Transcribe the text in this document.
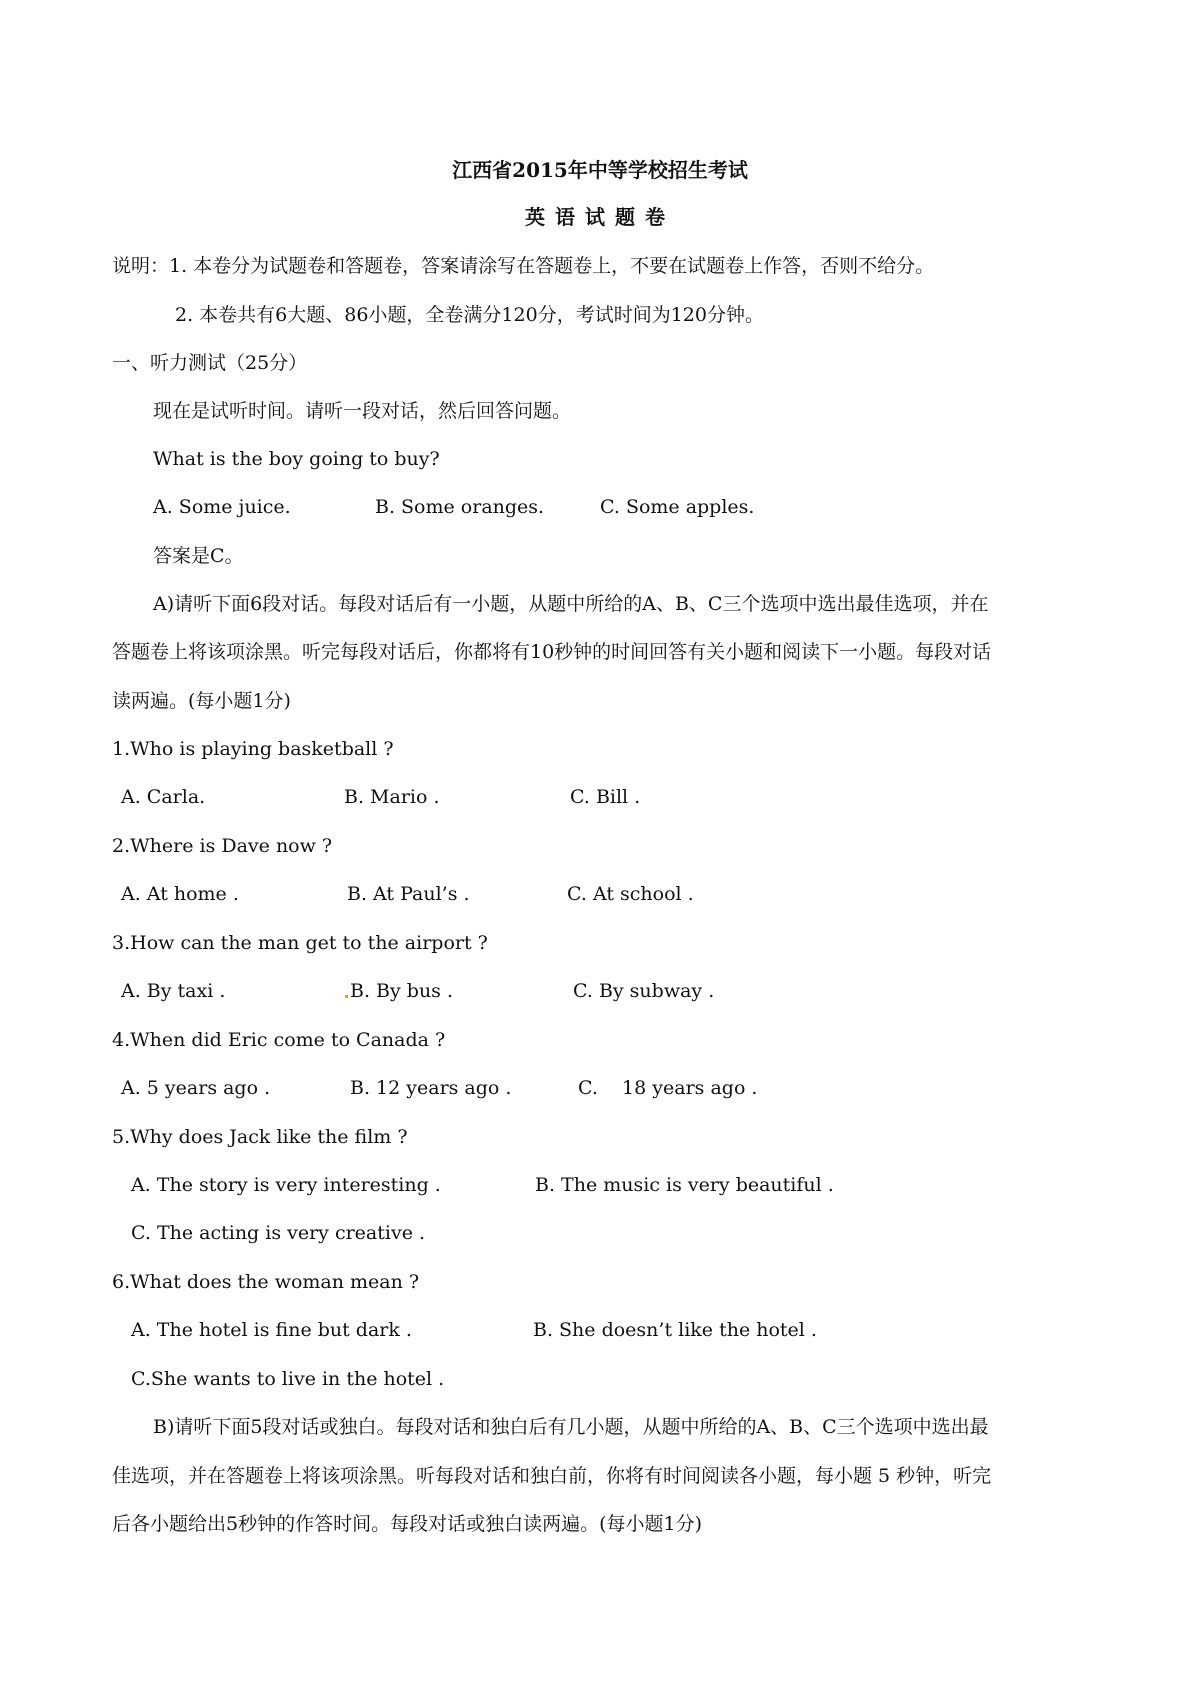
江西省2015年中等学校招生考试
英语试题卷
说明：1. 本卷分为试题卷和答题卷，答案请涂写在答题卷上，不要在试题卷上作答，否则不给分。
2. 本卷共有6大题、86小题，全卷满分120分，考试时间为120分钟。
一、听力测试（25分）
现在是试听时间。请听一段对话，然后回答问题。
What is the boy going to buy?
A. Some juice.	B. Some oranges.	C. Some apples.
答案是C。
A)请听下面6段对话。每段对话后有一小题，从题中所给的A、B、C三个选项中选出最佳选项，并在
答题卷上将该项涂黑。听完每段对话后，你都将有10秒钟的时间回答有关小题和阅读下一小题。每段对话
读两遍。(每小题1分)
1.Who is playing basketball ?
A. Carla.	B. Mario .	C. Bill .
2.Where is Dave now ?
A. At home .	B. At Paul’s .	C. At school .
3.How can the man get to the airport ?
A. By taxi .	B. By bus .	C. By subway .
4.When did Eric come to Canada ?
A. 5 years ago .	B. 12 years ago .	C.    18 years ago .
5.Why does Jack like the film ?
A. The story is very interesting .	B. The music is very beautiful .
C. The acting is very creative .
6.What does the woman mean ?
A. The hotel is fine but dark .	B. She doesn’t like the hotel .
C.She wants to live in the hotel .
B)请听下面5段对话或独白。每段对话和独白后有几小题，从题中所给的A、B、C三个选项中选出最
佳选项，并在答题卷上将该项涂黑。听每段对话和独白前，你将有时间阅读各小题，每小题 5 秒钟，听完
后各小题给出5秒钟的作答时间。每段对话或独白读两遍。(每小题1分)
